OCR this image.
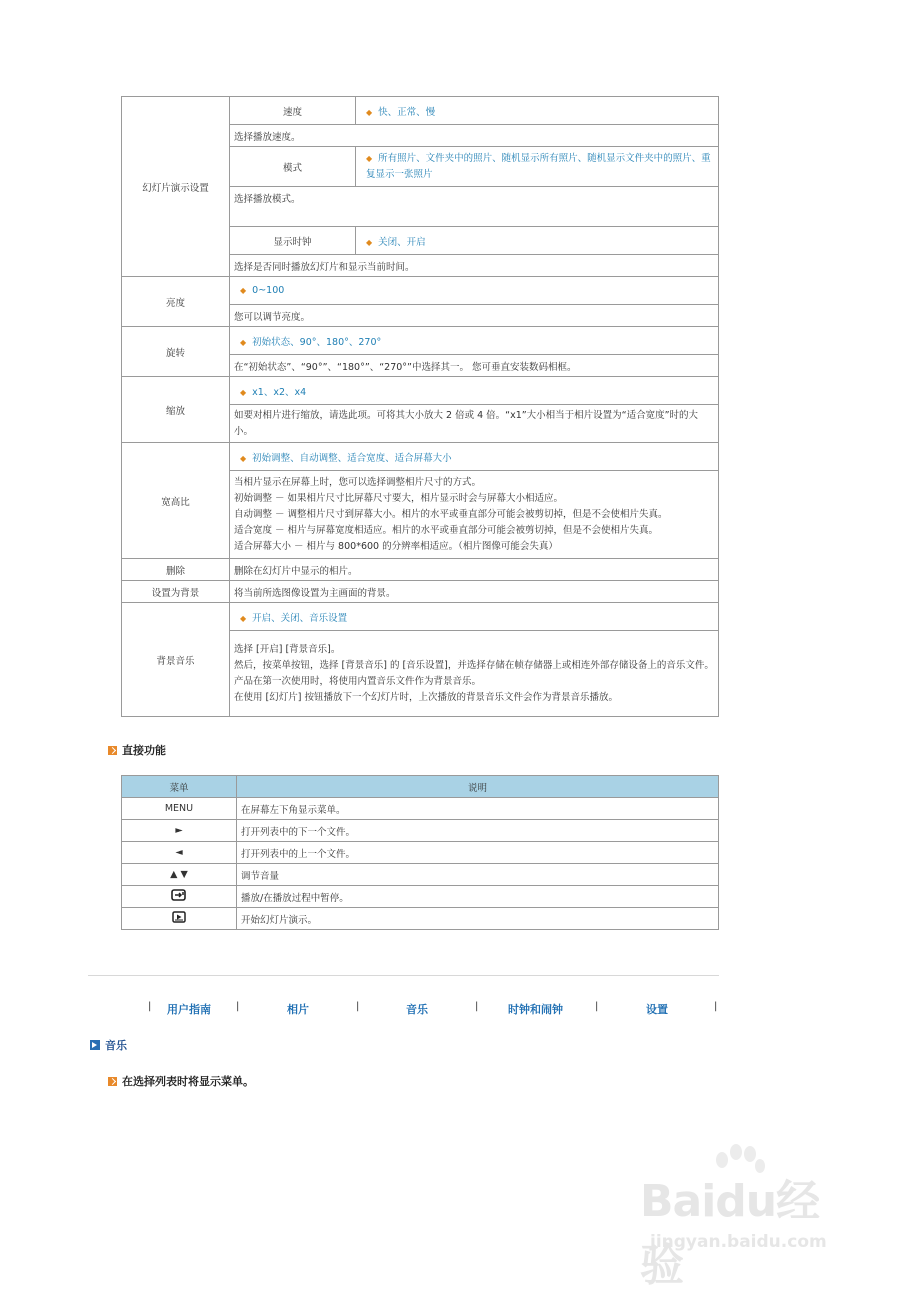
幻灯片演示设置	速度	◆ 快、正常、慢
	选择播放速度。	
	模式	◆ 所有照片、文件夹中的照片、随机显示所有照片、随机显示文件夹中的照片、重复显示一张照片
	选择播放模式。	
	显示时钟	◆ 关闭、开启
	选择是否同时播放幻灯片和显示当前时间。	
亮度	◆ 0~100	
	您可以调节亮度。	
旋转	◆ 初始状态、90°、180°、270°	
	在“初始状态”、“90°”、“180°”、“270°”中选择其一。 您可垂直安装数码相框。	
缩放	◆ x1、x2、x4	
	如要对相片进行缩放，请选此项。可将其大小放大 2 倍或 4 倍。“x1”大小相当于相片设置为“适合宽度”时的大小。	
宽高比	◆ 初始调整、自动调整、适合宽度、适合屏幕大小	

	当相片显示在屏幕上时，您可以选择调整相片尺寸的方式。
初始调整 － 如果相片尺寸比屏幕尺寸要大，相片显示时会与屏幕大小相适应。
自动调整 － 调整相片尺寸到屏幕大小。相片的水平或垂直部分可能会被剪切掉，但是不会使相片失真。
适合宽度 － 相片与屏幕宽度相适应。相片的水平或垂直部分可能会被剪切掉，但是不会使相片失真。
适合屏幕大小 － 相片与 800*600 的分辨率相适应。（相片图像可能会失真）	

删除	删除在幻灯片中显示的相片。	
设置为背景	将当前所选图像设置为主画面的背景。	
背景音乐	◆ 开启、关闭、音乐设置	

	选择 [开启] [背景音乐]。
然后，按菜单按钮，选择 [背景音乐] 的 [音乐设置]，并选择存储在帧存储器上或相连外部存储设备上的音乐文件。
产品在第一次使用时，将使用内置音乐文件作为背景音乐。
在使用 [幻灯片] 按钮播放下一个幻灯片时，上次播放的背景音乐文件会作为背景音乐播放。	
直接功能
菜单	说明
MENU	在屏幕左下角显示菜单。
►	打开列表中的下一个文件。
◄	打开列表中的上一个文件。
▲ ▼	调节音量
	播放/在播放过程中暂停。
	开始幻灯片演示。
| 用户指南	|	相片	|	音乐	|	时钟和闹钟	|	设置	|
音乐
在选择列表时将显示菜单。
Baidu经验
jingyan.baidu.com
